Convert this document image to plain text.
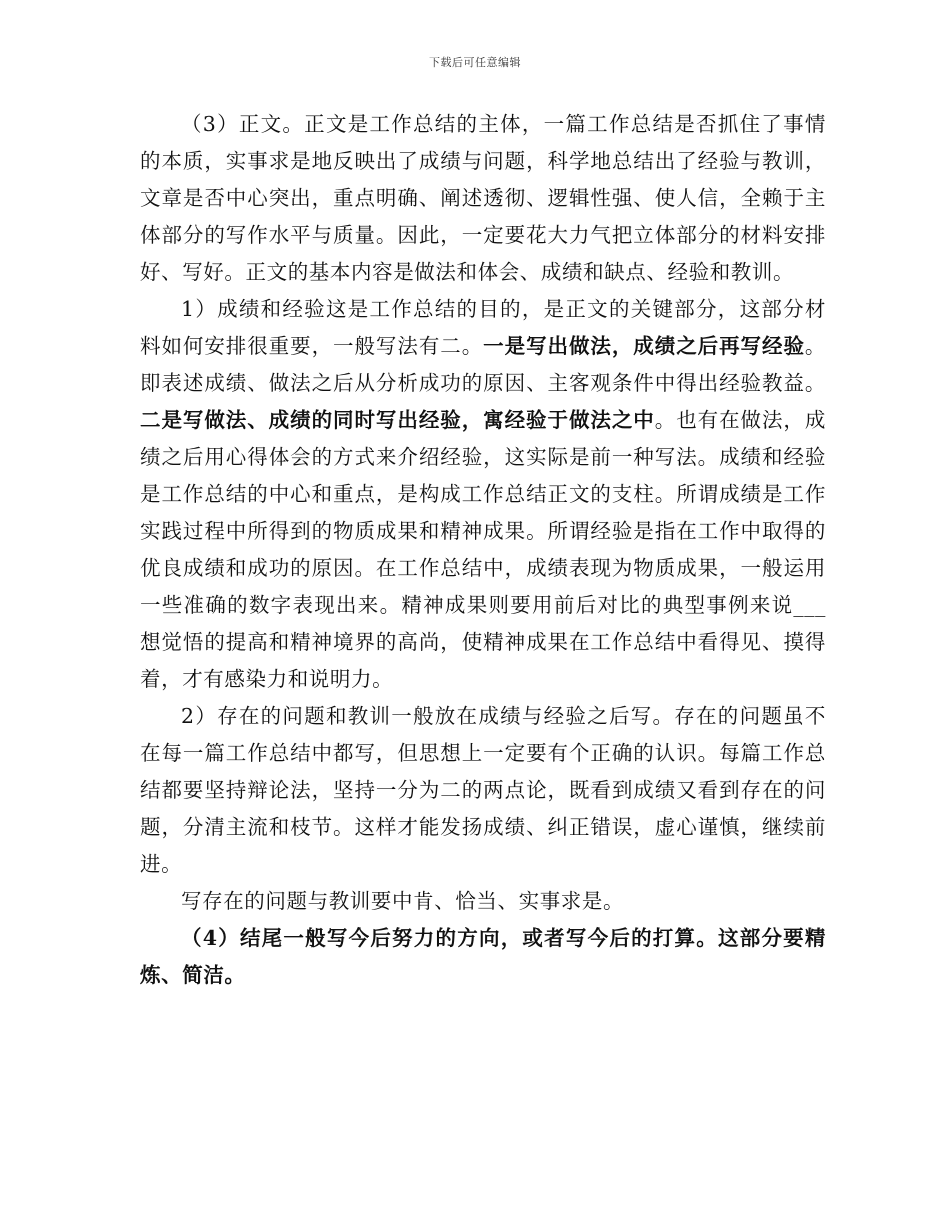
下载后可任意编辑

（3）正文。正文是工作总结的主体，一篇工作总结是否抓住了事情的本质，实事求是地反映出了成绩与问题，科学地总结出了经验与教训，文章是否中心突出，重点明确、阐述透彻、逻辑性强、使人信，全赖于主体部分的写作水平与质量。因此，一定要花大力气把立体部分的材料安排好、写好。正文的基本内容是做法和体会、成绩和缺点、经验和教训。

1）成绩和经验这是工作总结的目的，是正文的关键部分，这部分材料如何安排很重要，一般写法有二。一是写出做法，成绩之后再写经验。即表述成绩、做法之后从分析成功的原因、主客观条件中得出经验教益。二是写做法、成绩的同时写出经验，寓经验于做法之中。也有在做法，成绩之后用心得体会的方式来介绍经验，这实际是前一种写法。成绩和经验是工作总结的中心和重点，是构成工作总结正文的支柱。所谓成绩是工作实践过程中所得到的物质成果和精神成果。所谓经验是指在工作中取得的优良成绩和成功的原因。在工作总结中，成绩表现为物质成果，一般运用一些准确的数字表现出来。精神成果则要用前后对比的典型事例来说___想觉悟的提高和精神境界的高尚，使精神成果在工作总结中看得见、摸得着，才有感染力和说明力。

2）存在的问题和教训一般放在成绩与经验之后写。存在的问题虽不在每一篇工作总结中都写，但思想上一定要有个正确的认识。每篇工作总结都要坚持辩论法，坚持一分为二的两点论，既看到成绩又看到存在的问题，分清主流和枝节。这样才能发扬成绩、纠正错误，虚心谨慎，继续前进。

写存在的问题与教训要中肯、恰当、实事求是。

（4）结尾一般写今后努力的方向，或者写今后的打算。这部分要精炼、简洁。
